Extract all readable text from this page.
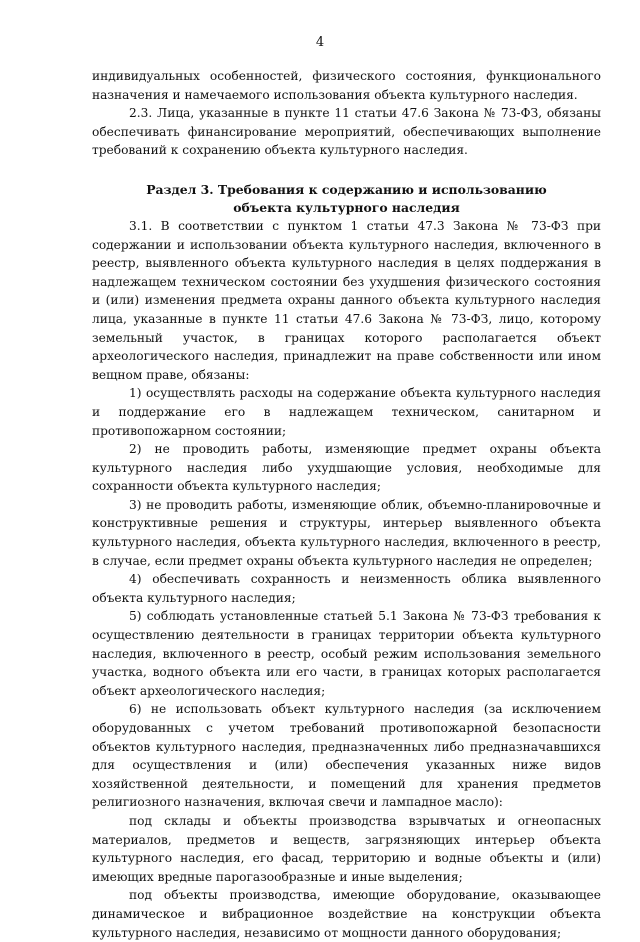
4

индивидуальных особенностей, физического состояния, функционального назначения и намечаемого использования объекта культурного наследия.

2.3. Лица, указанные в пункте 11 статьи 47.6 Закона № 73-ФЗ, обязаны обеспечивать финансирование мероприятий, обеспечивающих выполнение требований к сохранению объекта культурного наследия.

Раздел 3. Требования к содержанию и использованию
объекта культурного наследия

3.1. В соответствии с пунктом 1 статьи 47.3 Закона № 73-ФЗ при содержании и использовании объекта культурного наследия, включенного в реестр, выявленного объекта культурного наследия в целях поддержания в надлежащем техническом состоянии без ухудшения физического состояния и (или) изменения предмета охраны данного объекта культурного наследия лица, указанные в пункте 11 статьи 47.6 Закона № 73-ФЗ, лицо, которому земельный участок, в границах которого располагается объект археологического наследия, принадлежит на праве собственности или ином вещном праве, обязаны:

1) осуществлять расходы на содержание объекта культурного наследия и поддержание его в надлежащем техническом, санитарном и противопожарном состоянии;

2) не проводить работы, изменяющие предмет охраны объекта культурного наследия либо ухудшающие условия, необходимые для сохранности объекта культурного наследия;

3) не проводить работы, изменяющие облик, объемно-планировочные и конструктивные решения и структуры, интерьер выявленного объекта культурного наследия, объекта культурного наследия, включенного в реестр, в случае, если предмет охраны объекта культурного наследия не определен;

4) обеспечивать сохранность и неизменность облика выявленного объекта культурного наследия;

5) соблюдать установленные статьей 5.1 Закона № 73-ФЗ требования к осуществлению деятельности в границах территории объекта культурного наследия, включенного в реестр, особый режим использования земельного участка, водного объекта или его части, в границах которых располагается объект археологического наследия;

6) не использовать объект культурного наследия (за исключением оборудованных с учетом требований противопожарной безопасности объектов культурного наследия, предназначенных либо предназначавшихся для осуществления и (или) обеспечения указанных ниже видов хозяйственной деятельности, и помещений для хранения предметов религиозного назначения, включая свечи и лампадное масло):

под склады и объекты производства взрывчатых и огнеопасных материалов, предметов и веществ, загрязняющих интерьер объекта культурного наследия, его фасад, территорию и водные объекты и (или) имеющих вредные парогазообразные и иные выделения;

под объекты производства, имеющие оборудование, оказывающее динамическое и вибрационное воздействие на конструкции объекта культурного наследия, независимо от мощности данного оборудования;
